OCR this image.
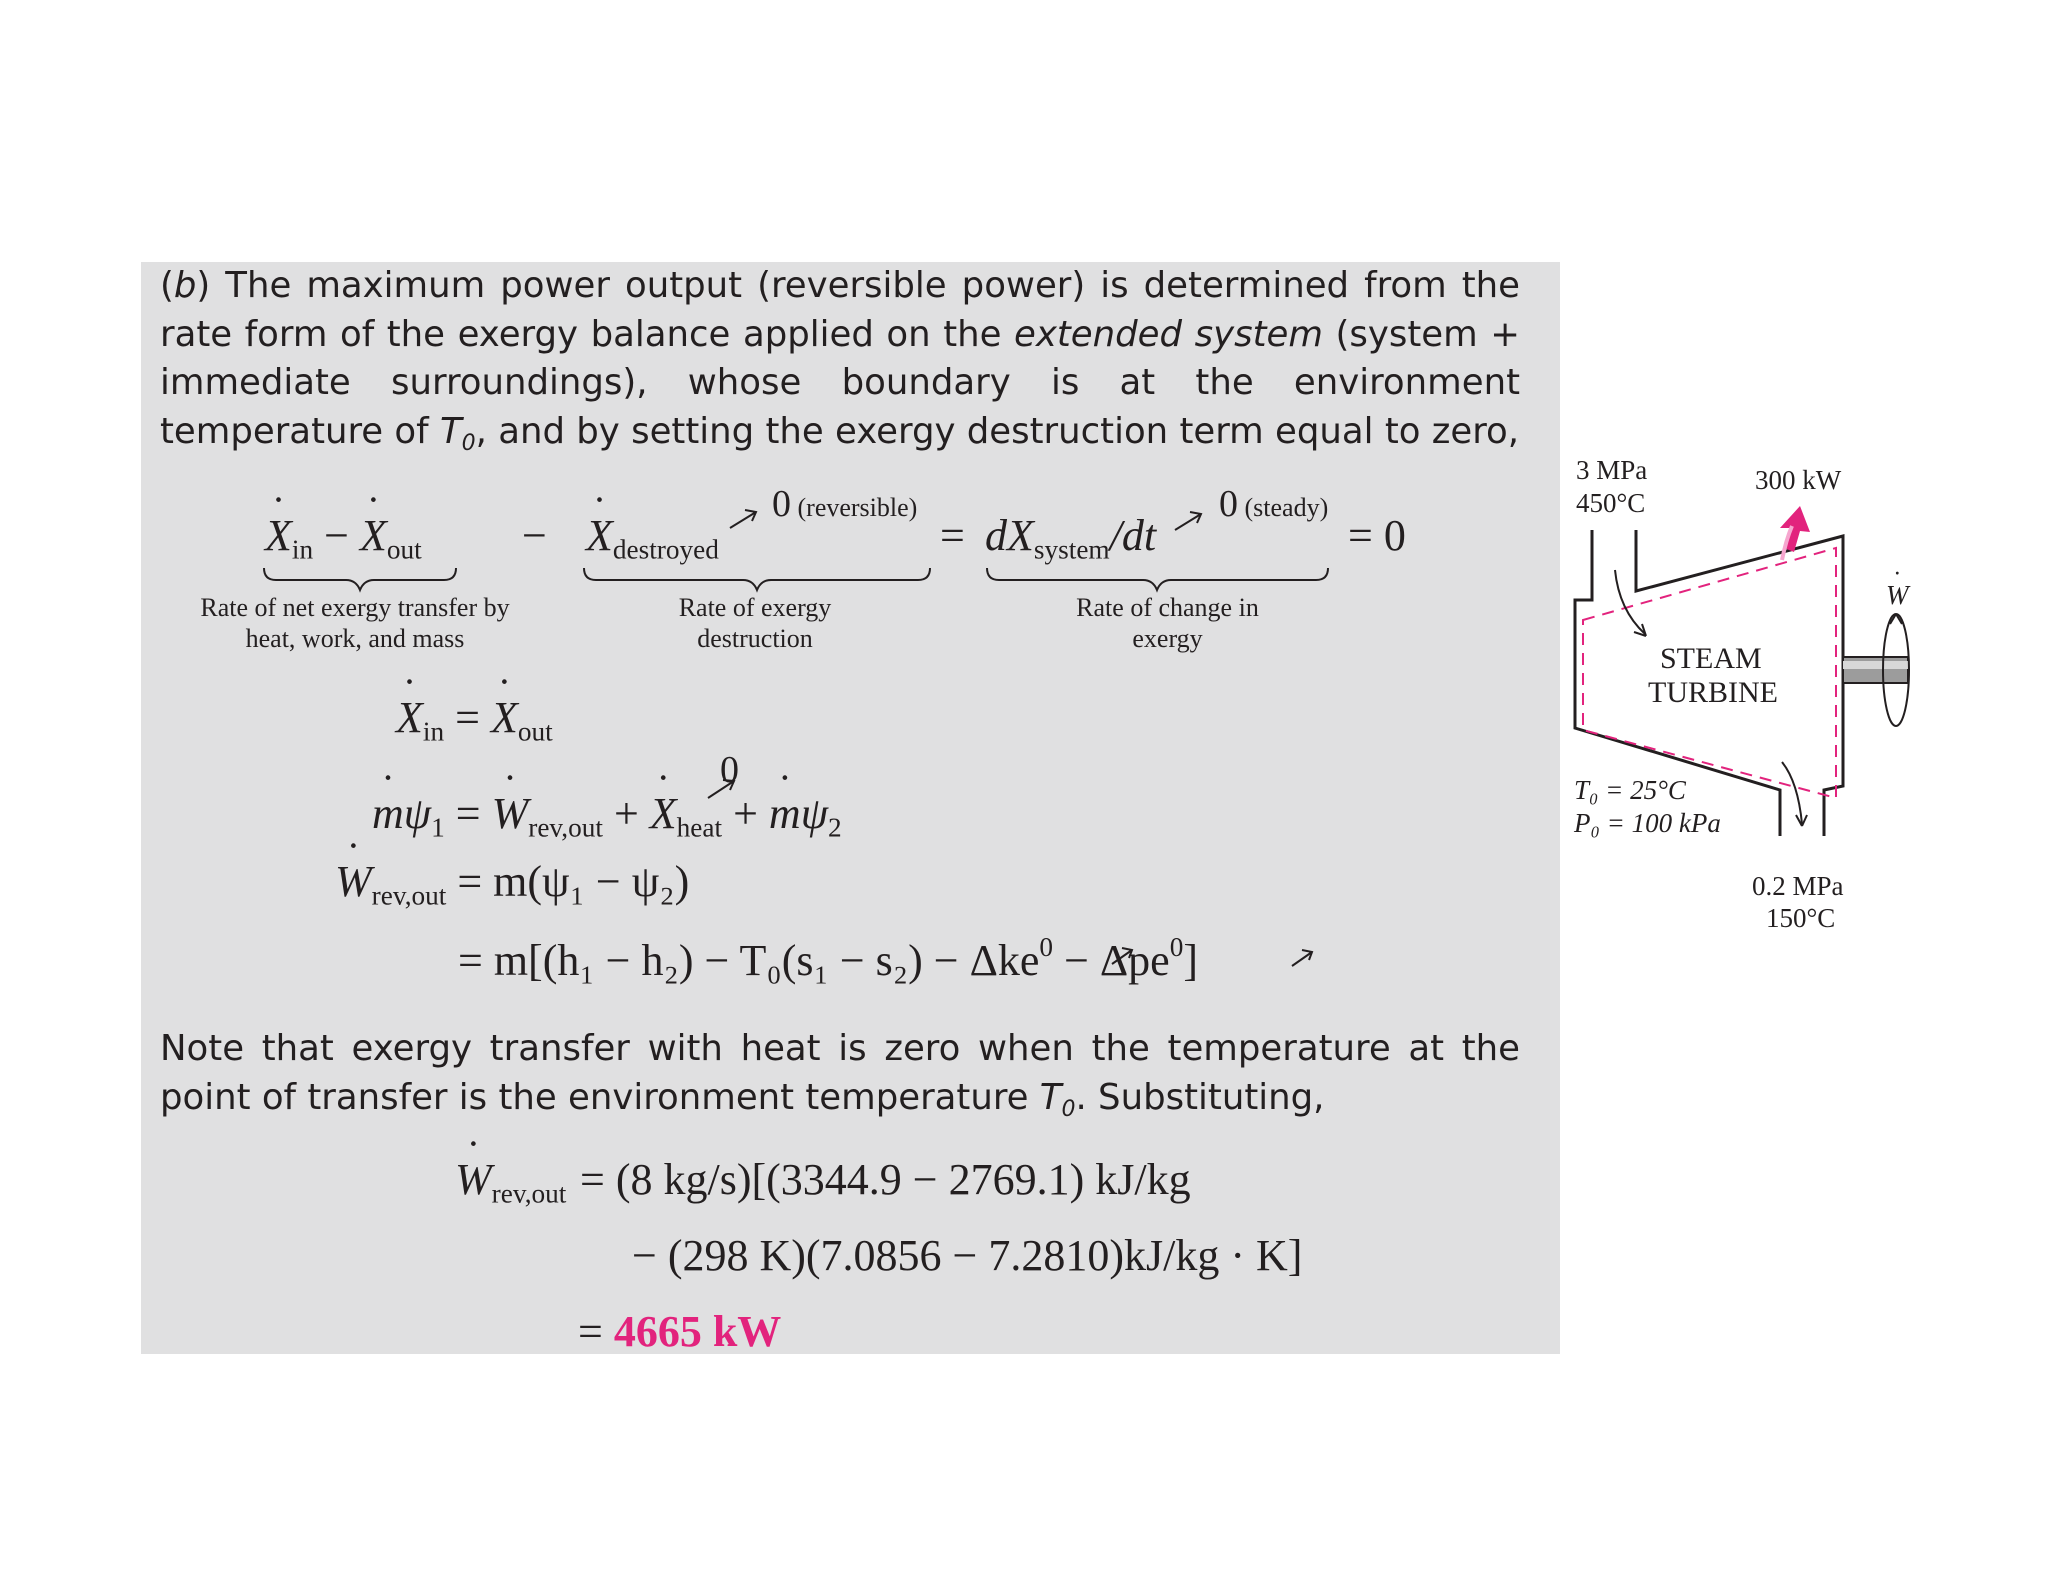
(b) The maximum power output (reversible power) is determined from the rate form of the exergy balance applied on the extended system (system + immediate surroundings), whose boundary is at the environment temperature of $T_0$, and by setting the exergy destruction term equal to zero,

˙ $X_{in}$ − ˙ $X_{out}$ − ˙ $X_{destroyed}$
0 (reversible)
= $dX_{system}/dt$
0 (steady)
= 0
Rate of net exergy transfer by heat, work, and mass
Rate of exergy destruction
Rate of change in exergy
˙ $X_{in}$ = ˙ $X_{out}$
0
˙ $m\psi_1$ = ˙ $W_{rev,out}$ + ˙ $X_{heat}$ + ˙ $m\psi_2$
˙ $W_{rev,out} = m(\psi_1 - \psi_2)$
= m[(h₁ − h₂) − T₀(s₁ − s₂) − Δke$^0$ − Δpe$^0$]

Note that exergy transfer with heat is zero when the temperature at the point of transfer is the environment temperature $T_0$. Substituting,

˙ $W_{rev,out} = (8$ kg/s)[(3344.9 − 2769.1) kJ/kg
− (298 K)(7.0856 − 7.2810)kJ/kg · K]
= 4665 kW
3 MPa
450°C
300 kW
˙ W
STEAM
TURBINE
T₀ = 25°C
P₀ = 100 kPa
0.2 MPa
150°C
